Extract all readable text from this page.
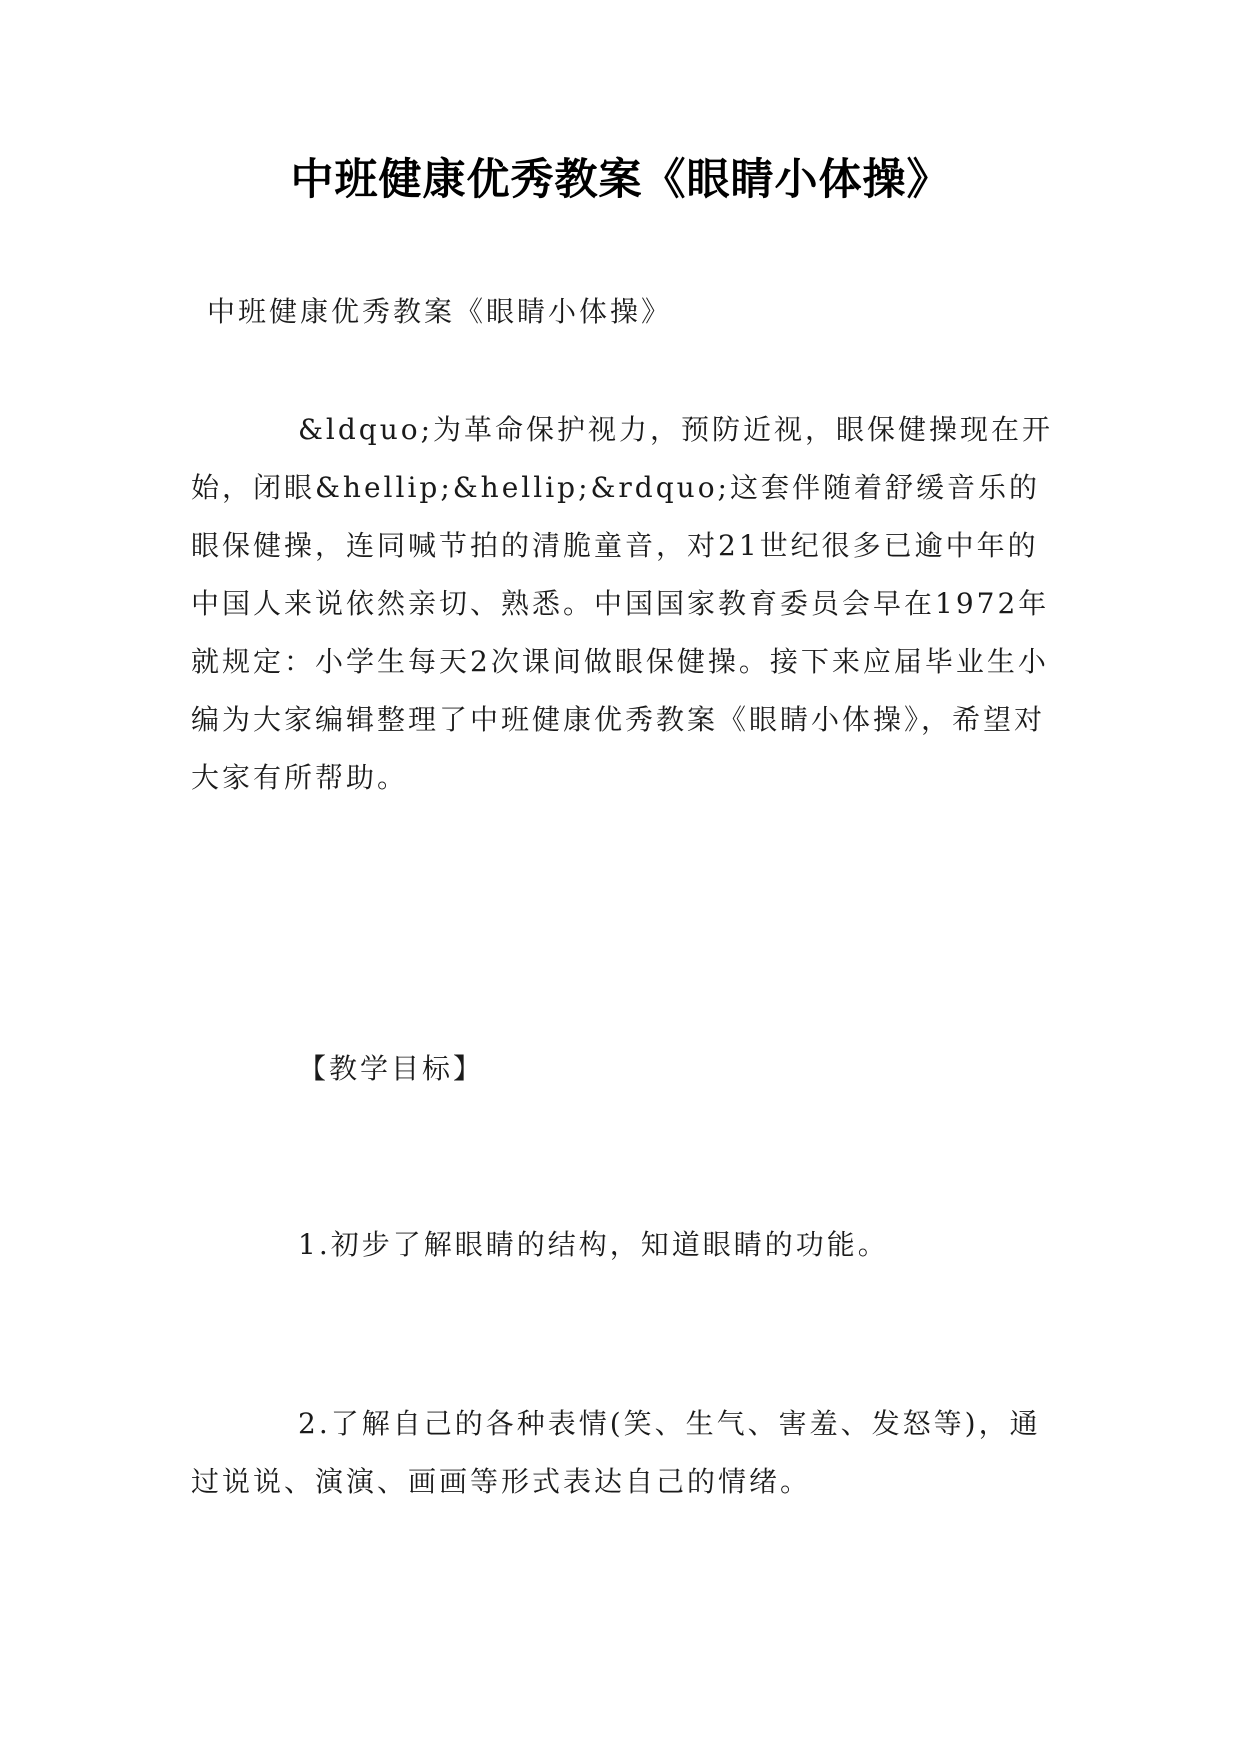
中班健康优秀教案《眼睛小体操》
中班健康优秀教案《眼睛小体操》
&ldquo;为革命保护视力，预防近视，眼保健操现在开始，闭眼&hellip;&hellip;&rdquo;这套伴随着舒缓音乐的眼保健操，连同喊节拍的清脆童音，对21世纪很多已逾中年的中国人来说依然亲切、熟悉。中国国家教育委员会早在1972年就规定：小学生每天2次课间做眼保健操。接下来应届毕业生小编为大家编辑整理了中班健康优秀教案《眼睛小体操》，希望对大家有所帮助。
【教学目标】
1.初步了解眼睛的结构，知道眼睛的功能。
2.了解自己的各种表情(笑、生气、害羞、发怒等)，通过说说、演演、画画等形式表达自己的情绪。
